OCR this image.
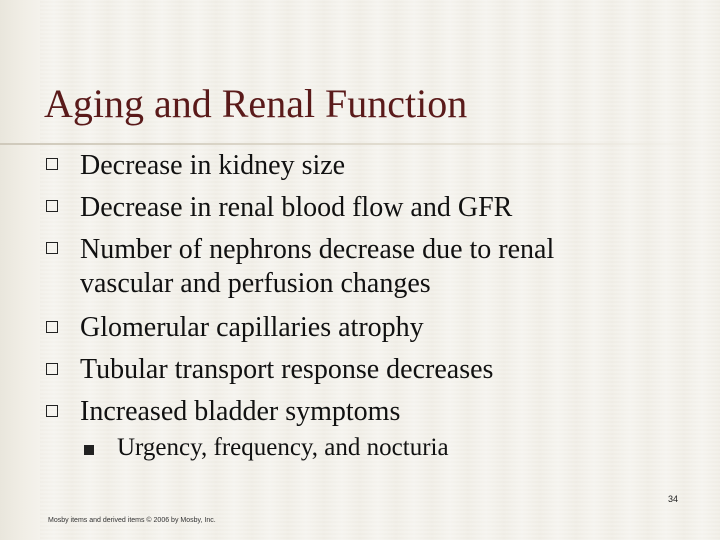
Aging and Renal Function
Decrease in kidney size
Decrease in renal blood flow and GFR
Number of nephrons decrease due to renal
vascular and perfusion changes
Glomerular capillaries atrophy
Tubular transport response decreases
Increased bladder symptoms
Urgency, frequency, and nocturia
34
Mosby items and derived items © 2006 by Mosby, Inc.
